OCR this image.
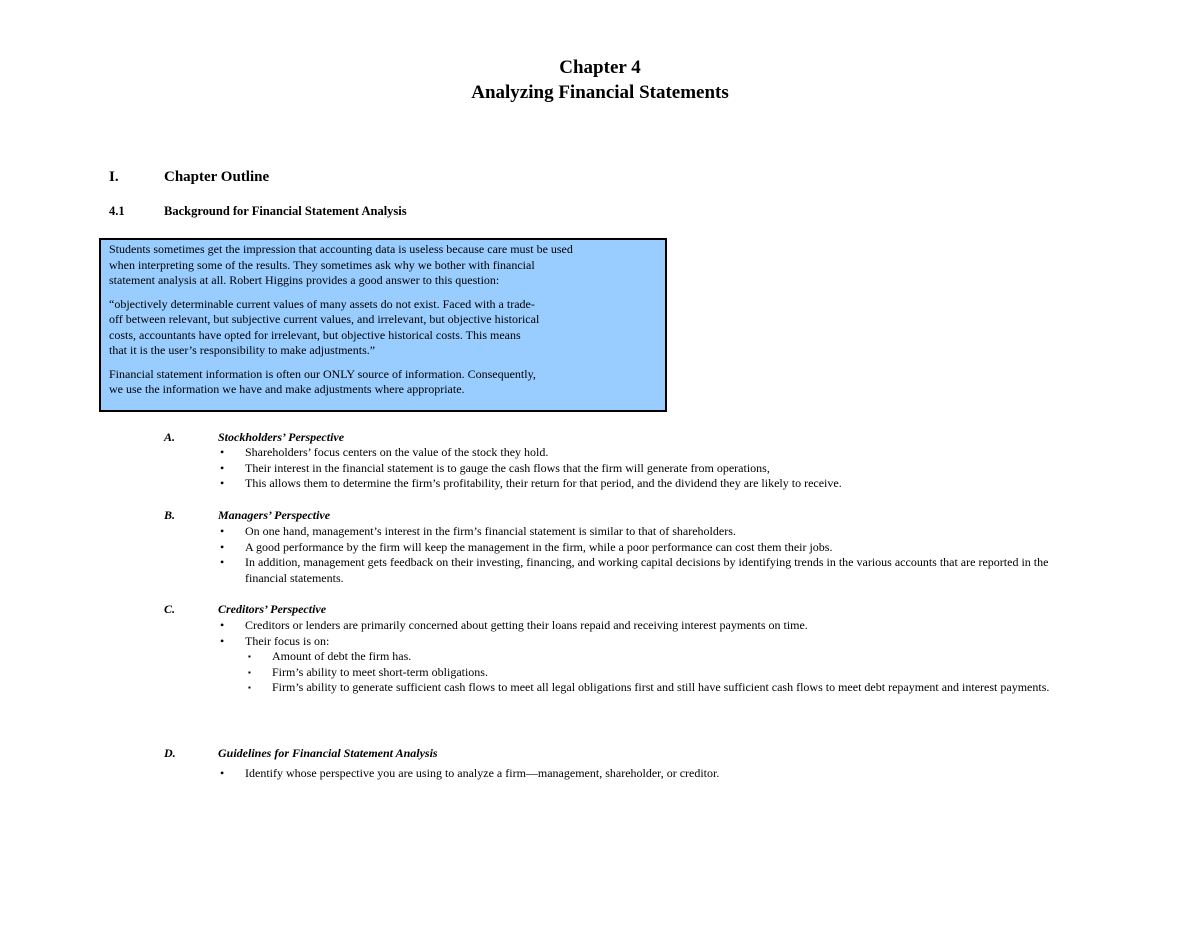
Chapter 4
Analyzing Financial Statements
I.	Chapter Outline
4.1	Background for Financial Statement Analysis

Students sometimes get the impression that accounting data is useless because care must be used
when interpreting some of the results. They sometimes ask why we bother with financial
statement analysis at all. Robert Higgins provides a good answer to this question:

“objectively determinable current values of many assets do not exist. Faced with a trade-
off between relevant, but subjective current values, and irrelevant, but objective historical
costs, accountants have opted for irrelevant, but objective historical costs. This means
that it is the user’s responsibility to make adjustments.”

Financial statement information is often our ONLY source of information. Consequently,
we use the information we have and make adjustments where appropriate.

A.	Stockholders’ Perspective
• Shareholders’ focus centers on the value of the stock they hold.
• Their interest in the financial statement is to gauge the cash flows that the firm will generate from operations,
• This allows them to determine the firm’s profitability, their return for that period, and the dividend they are likely to receive.
B.	Managers’ Perspective
• On one hand, management’s interest in the firm’s financial statement is similar to that of shareholders.
• A good performance by the firm will keep the management in the firm, while a poor performance can cost them their jobs.
• In addition, management gets feedback on their investing, financing, and working capital decisions by identifying trends in the various accounts that are reported in the financial statements.
C.	Creditors’ Perspective
• Creditors or lenders are primarily concerned about getting their loans repaid and receiving interest payments on time.
• Their focus is on:
▪ Amount of debt the firm has.
▪ Firm’s ability to meet short-term obligations.
▪ Firm’s ability to generate sufficient cash flows to meet all legal obligations first and still have sufficient cash flows to meet debt repayment and interest payments.
D.	Guidelines for Financial Statement Analysis
• Identify whose perspective you are using to analyze a firm—management, shareholder, or creditor.
